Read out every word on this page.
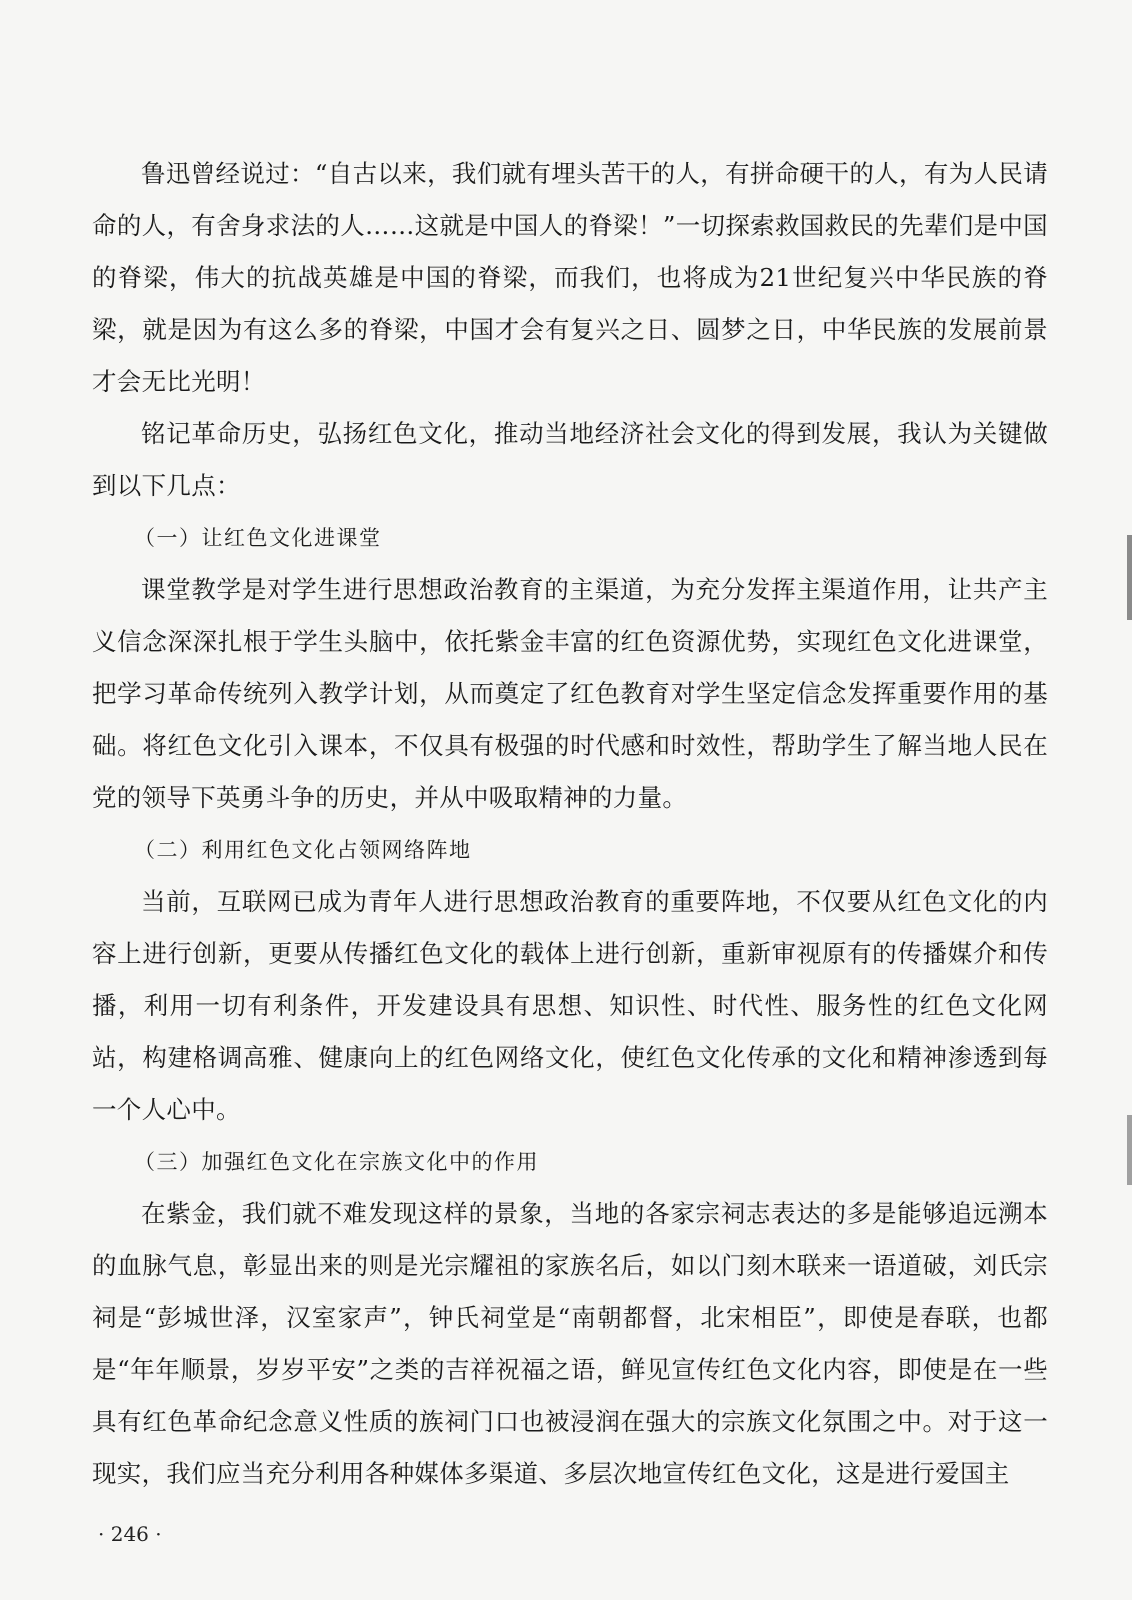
鲁迅曾经说过：“自古以来，我们就有埋头苦干的人，有拼命硬干的人，有为人民请命的人，有舍身求法的人……这就是中国人的脊梁！”一切探索救国救民的先辈们是中国的脊梁，伟大的抗战英雄是中国的脊梁，而我们，也将成为21世纪复兴中华民族的脊梁，就是因为有这么多的脊梁，中国才会有复兴之日、圆梦之日，中华民族的发展前景才会无比光明！

铭记革命历史，弘扬红色文化，推动当地经济社会文化的得到发展，我认为关键做到以下几点：

（一）让红色文化进课堂

课堂教学是对学生进行思想政治教育的主渠道，为充分发挥主渠道作用，让共产主义信念深深扎根于学生头脑中，依托紫金丰富的红色资源优势，实现红色文化进课堂，把学习革命传统列入教学计划，从而奠定了红色教育对学生坚定信念发挥重要作用的基础。将红色文化引入课本，不仅具有极强的时代感和时效性，帮助学生了解当地人民在党的领导下英勇斗争的历史，并从中吸取精神的力量。

（二）利用红色文化占领网络阵地

当前，互联网已成为青年人进行思想政治教育的重要阵地，不仅要从红色文化的内容上进行创新，更要从传播红色文化的载体上进行创新，重新审视原有的传播媒介和传播，利用一切有利条件，开发建设具有思想、知识性、时代性、服务性的红色文化网站，构建格调高雅、健康向上的红色网络文化，使红色文化传承的文化和精神渗透到每一个人心中。

（三）加强红色文化在宗族文化中的作用

在紫金，我们就不难发现这样的景象，当地的各家宗祠志表达的多是能够追远溯本的血脉气息，彰显出来的则是光宗耀祖的家族名后，如以门刻木联来一语道破，刘氏宗祠是“彭城世泽，汉室家声”，钟氏祠堂是“南朝都督，北宋相臣”，即使是春联，也都是“年年顺景，岁岁平安”之类的吉祥祝福之语，鲜见宣传红色文化内容，即使是在一些具有红色革命纪念意义性质的族祠门口也被浸润在强大的宗族文化氛围之中。对于这一现实，我们应当充分利用各种媒体多渠道、多层次地宣传红色文化，这是进行爱国主

· 246 ·
